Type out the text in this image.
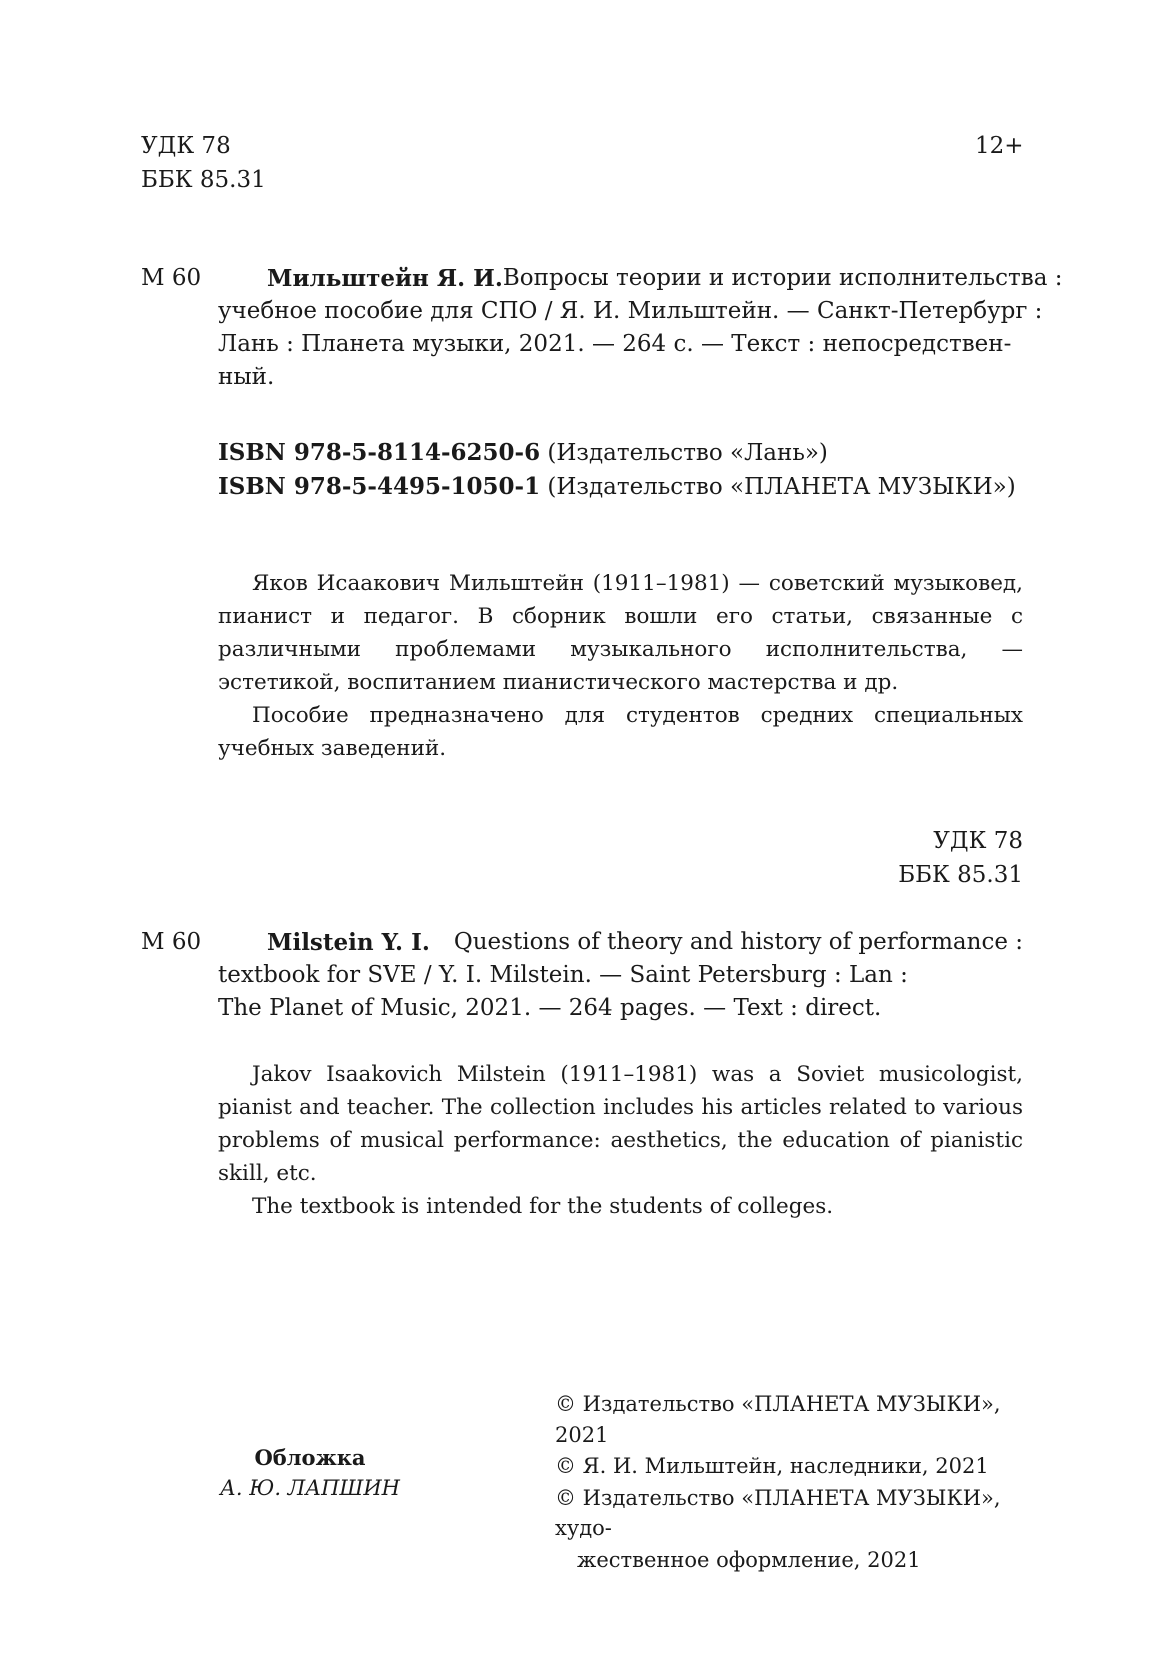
УДК 78
ББК 85.31
12+
М 60	Мильштейн Я. И. Вопросы теории и истории исполнительства :
учебное пособие для СПО / Я. И. Мильштейн. — Санкт-Петербург :
Лань : Планета музыки, 2021. — 264 с. — Текст : непосредствен-
ный.
ISBN 978-5-8114-6250-6 (Издательство «Лань»)
ISBN 978-5-4495-1050-1 (Издательство «ПЛАНЕТА МУЗЫКИ»)

Яков Исаакович Мильштейн (1911–1981) — советский музыковед, пианист и педагог. В сборник вошли его статьи, связанные с различными проблемами музыкального исполнительства, — эстетикой, воспитанием пианистического мастерства и др.

Пособие предназначено для студентов средних специальных учебных заведений.

УДК 78
ББК 85.31
М 60	Milstein Y. I. Questions of theory and history of performance :
textbook for SVE / Y. I. Milstein. — Saint Petersburg : Lan :
The Planet of Music, 2021. — 264 pages. — Text : direct.

Jakov Isaakovich Milstein (1911–1981) was a Soviet musicologist, pianist and teacher. The collection includes his articles related to various problems of musical performance: aesthetics, the education of pianistic skill, etc.

The textbook is intended for the students of colleges.

Обложка
А. Ю. ЛАПШИН

© Издательство «ПЛАНЕТА МУЗЫКИ», 2021

© Я. И. Мильштейн, наследники, 2021

© Издательство «ПЛАНЕТА МУЗЫКИ», худо-

жественное оформление, 2021
